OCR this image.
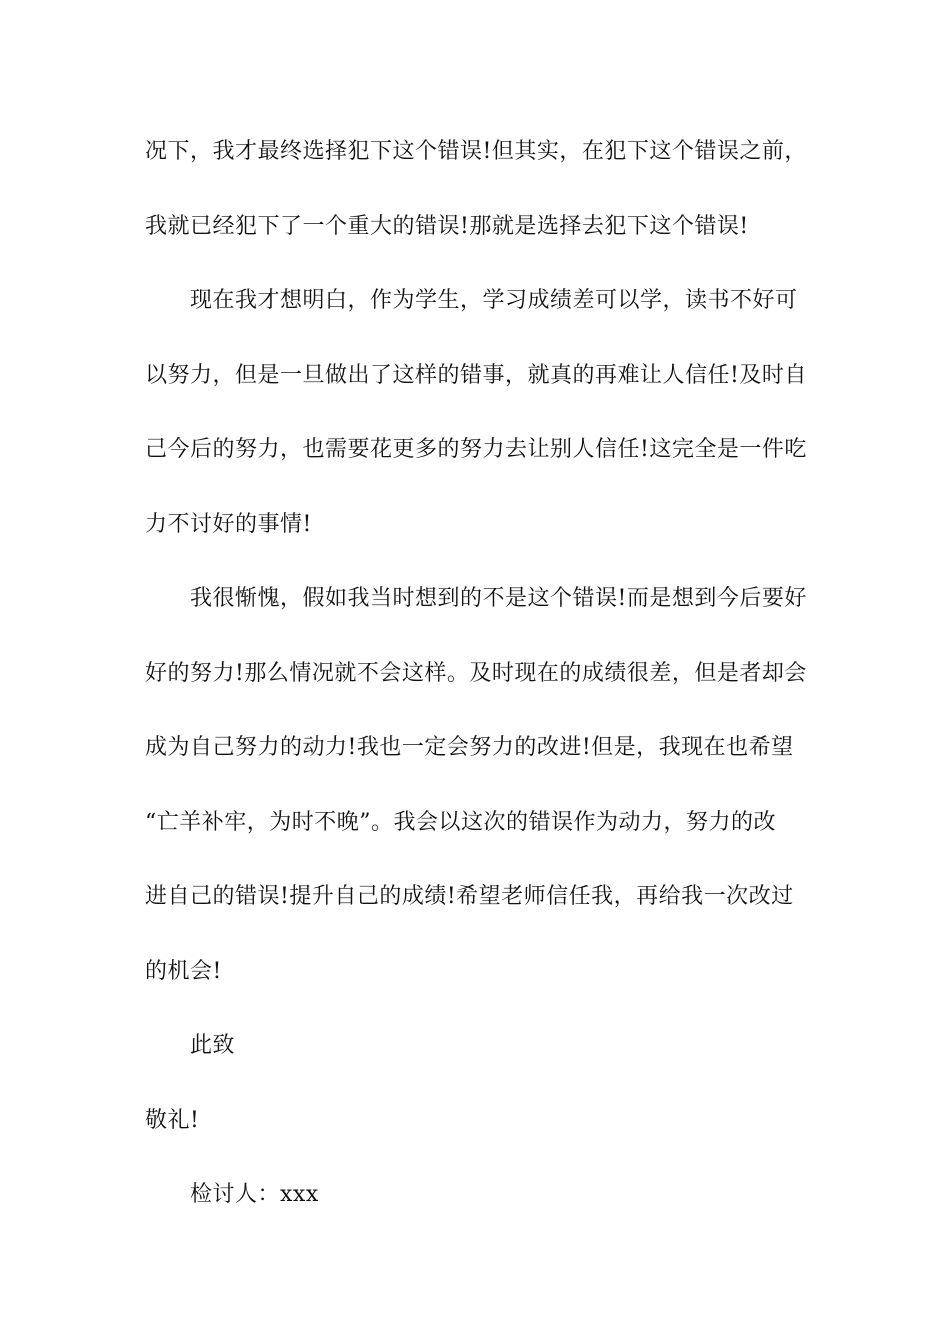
况下，我才最终选择犯下这个错误!但其实，在犯下这个错误之前，
我就已经犯下了一个重大的错误!那就是选择去犯下这个错误!
现在我才想明白，作为学生，学习成绩差可以学，读书不好可
以努力，但是一旦做出了这样的错事，就真的再难让人信任!及时自
己今后的努力，也需要花更多的努力去让别人信任!这完全是一件吃
力不讨好的事情!
我很惭愧，假如我当时想到的不是这个错误!而是想到今后要好
好的努力!那么情况就不会这样。及时现在的成绩很差，但是者却会
成为自己努力的动力!我也一定会努力的改进!但是，我现在也希望
“亡羊补牢，为时不晚”。我会以这次的错误作为动力，努力的改
进自己的错误!提升自己的成绩!希望老师信任我，再给我一次改过
的机会!
此致
敬礼!
检讨人：xxx
